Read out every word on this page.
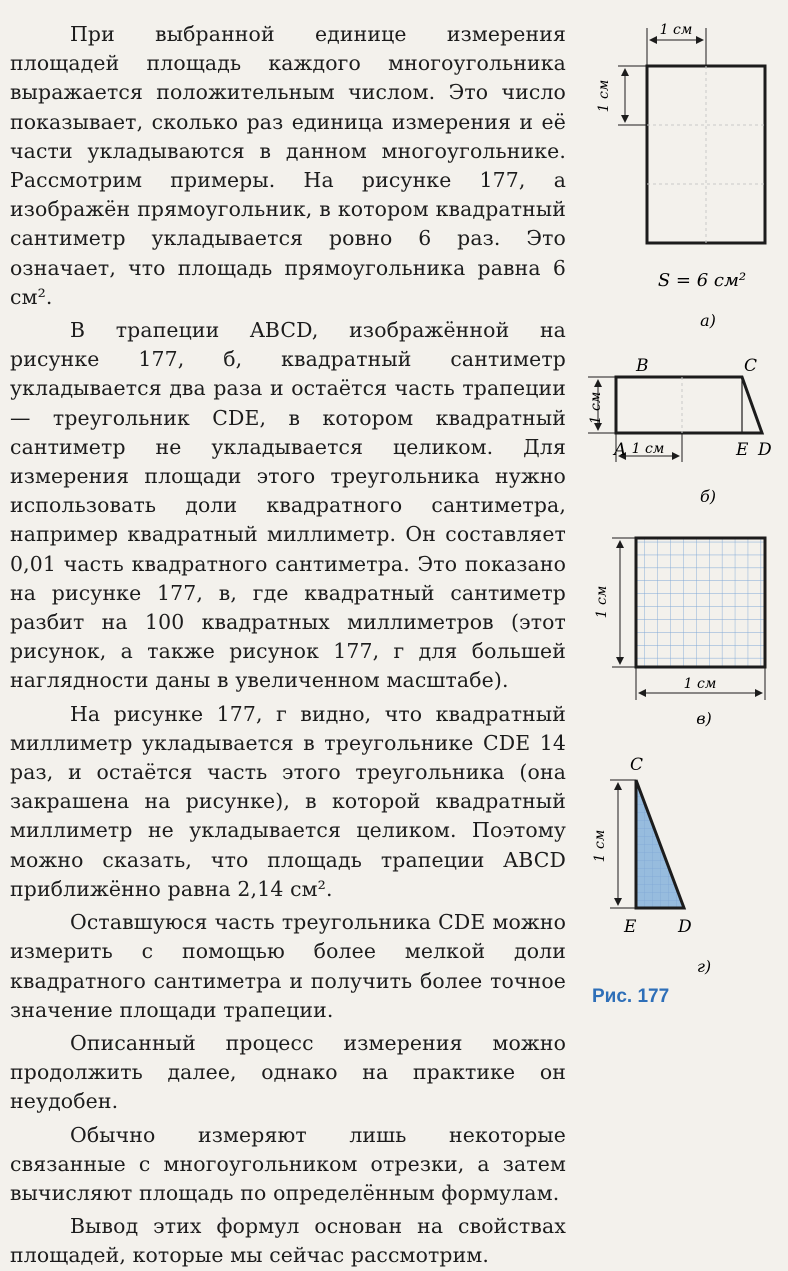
При выбранной единице измерения площадей площадь каждого многоугольника выражается положительным числом. Это число показывает, сколько раз единица измерения и её части укладываются в данном многоугольнике. Рассмотрим примеры. На рисунке 177, а изображён прямоугольник, в котором квадратный сантиметр укладывается ровно 6 раз. Это означает, что площадь прямоугольника равна 6 см².

В трапеции ABCD, изображённой на рисунке 177, б, квадратный сантиметр укладывается два раза и остаётся часть трапеции — треугольник CDE, в котором квадратный сантиметр не укладывается целиком. Для измерения площади этого треугольника нужно использовать доли квадратного сантиметра, например квадратный миллиметр. Он составляет 0,01 часть квадратного сантиметра. Это показано на рисунке 177, в, где квадратный сантиметр разбит на 100 квадратных миллиметров (этот рисунок, а также рисунок 177, г для большей наглядности даны в увеличенном масштабе).

На рисунке 177, г видно, что квадратный миллиметр укладывается в треугольнике CDE 14 раз, и остаётся часть этого треугольника (она закрашена на рисунке), в которой квадратный миллиметр не укладывается целиком. Поэтому можно сказать, что площадь трапеции ABCD приближённо равна 2,14 см².

Оставшуюся часть треугольника CDE можно измерить с помощью более мелкой доли квадратного сантиметра и получить более точное значение площади трапеции.

Описанный процесс измерения можно продолжить далее, однако на практике он неудобен.

Обычно измеряют лишь некоторые связанные с многоугольником отрезки, а затем вычисляют площадь по определённым формулам.

Вывод этих формул основан на свойствах площадей, которые мы сейчас рассмотрим.

1 см
1 см
S = 6 см²
а)
1 см
1 см
B	C
A	E D
б)
1 см
1 см
в)
1 см
C
E D
г)
Рис. 177
